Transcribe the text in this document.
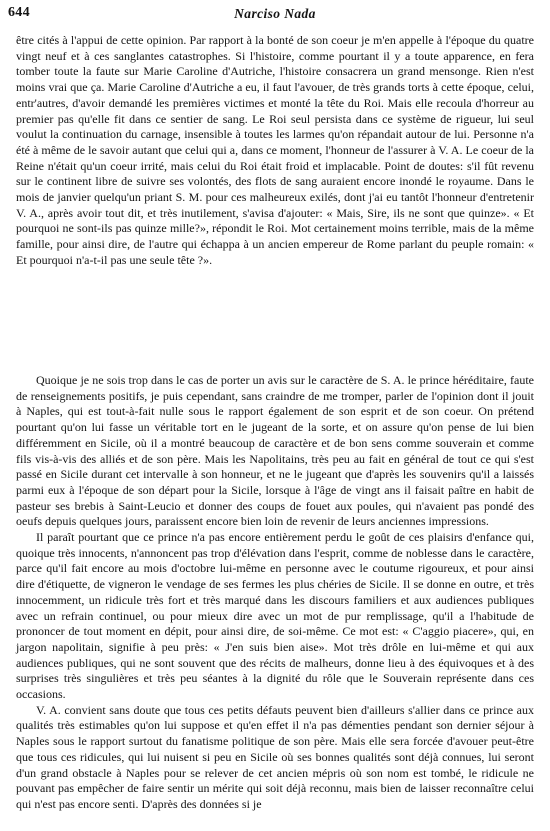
644	Narciso Nada

être cités à l'appui de cette opinion. Par rapport à la bonté de son coeur je m'en appelle à l'époque du quatre vingt neuf et à ces sanglantes catastrophes. Si l'histoire, comme pourtant il y a toute apparence, en fera tomber toute la faute sur Marie Caroline d'Autriche, l'histoire consacrera un grand mensonge. Rien n'est moins vrai que ça. Marie Caroline d'Autriche a eu, il faut l'avouer, de très grands torts à cette époque, celui, entr'autres, d'avoir demandé les premières victimes et monté la tête du Roi. Mais elle recoula d'horreur au premier pas qu'elle fit dans ce sentier de sang. Le Roi seul persista dans ce système de rigueur, lui seul voulut la continuation du carnage, insensible à toutes les larmes qu'on répandait autour de lui. Personne n'a été à même de le savoir autant que celui qui a, dans ce moment, l'honneur de l'assurer à V. A. Le coeur de la Reine n'était qu'un coeur irrité, mais celui du Roi était froid et implacable. Point de doutes: s'il fût revenu sur le continent libre de suivre ses volontés, des flots de sang auraient encore inondé le royaume. Dans le mois de janvier quelqu'un priant S. M. pour ces malheureux exilés, dont j'ai eu tantôt l'honneur d'entretenir V. A., après avoir tout dit, et très inutilement, s'avisa d'ajouter: « Mais, Sire, ils ne sont que quinze». « Et pourquoi ne sont-ils pas quinze mille?», répondit le Roi. Mot certainement moins terrible, mais de la même famille, pour ainsi dire, de l'autre qui échappa à un ancien empereur de Rome parlant du peuple romain: « Et pourquoi n'a-t-il pas une seule tête ?».

Quoique je ne sois trop dans le cas de porter un avis sur le caractère de S. A. le prince héréditaire, faute de renseignements positifs, je puis cependant, sans craindre de me tromper, parler de l'opinion dont il jouit à Naples, qui est tout-à-fait nulle sous le rapport également de son esprit et de son coeur. On prétend pourtant qu'on lui fasse un véritable tort en le jugeant de la sorte, et on assure qu'on pense de lui bien différemment en Sicile, où il a montré beaucoup de caractère et de bon sens comme souverain et comme fils vis-à-vis des alliés et de son père. Mais les Napolitains, très peu au fait en général de tout ce qui s'est passé en Sicile durant cet intervalle à son honneur, et ne le jugeant que d'après les souvenirs qu'il a laissés parmi eux à l'époque de son départ pour la Sicile, lorsque à l'âge de vingt ans il faisait paître en habit de pasteur ses brebis à Saint-Leucio et donner des coups de fouet aux poules, qui n'avaient pas pondé des oeufs depuis quelques jours, paraissent encore bien loin de revenir de leurs anciennes impressions.

Il paraît pourtant que ce prince n'a pas encore entièrement perdu le goût de ces plaisirs d'enfance qui, quoique très innocents, n'annoncent pas trop d'élévation dans l'esprit, comme de noblesse dans le caractère, parce qu'il fait encore au mois d'octobre lui-même en personne avec le coutume rigoureux, et pour ainsi dire d'étiquette, de vigneron le vendage de ses fermes les plus chéries de Sicile. Il se donne en outre, et très innocemment, un ridicule très fort et très marqué dans les discours familiers et aux audiences publiques avec un refrain continuel, ou pour mieux dire avec un mot de pur remplissage, qu'il a l'habitude de prononcer de tout moment en dépit, pour ainsi dire, de soi-même. Ce mot est: « C'aggio piacere», qui, en jargon napolitain, signifie à peu près: « J'en suis bien aise». Mot très drôle en lui-même et qui aux audiences publiques, qui ne sont souvent que des récits de malheurs, donne lieu à des équivoques et à des surprises très singulières et très peu séantes à la dignité du rôle que le Souverain représente dans ces occasions.

V. A. convient sans doute que tous ces petits défauts peuvent bien d'ailleurs s'allier dans ce prince aux qualités très estimables qu'on lui suppose et qu'en effet il n'a pas démenties pendant son dernier séjour à Naples sous le rapport surtout du fanatisme politique de son père. Mais elle sera forcée d'avouer peut-être que tous ces ridicules, qui lui nuisent si peu en Sicile où ses bonnes qualités sont déjà connues, lui seront d'un grand obstacle à Naples pour se relever de cet ancien mépris où son nom est tombé, le ridicule ne pouvant pas empêcher de faire sentir un mérite qui soit déjà reconnu, mais bien de laisser reconnaître celui qui n'est pas encore senti. D'après des données si je
